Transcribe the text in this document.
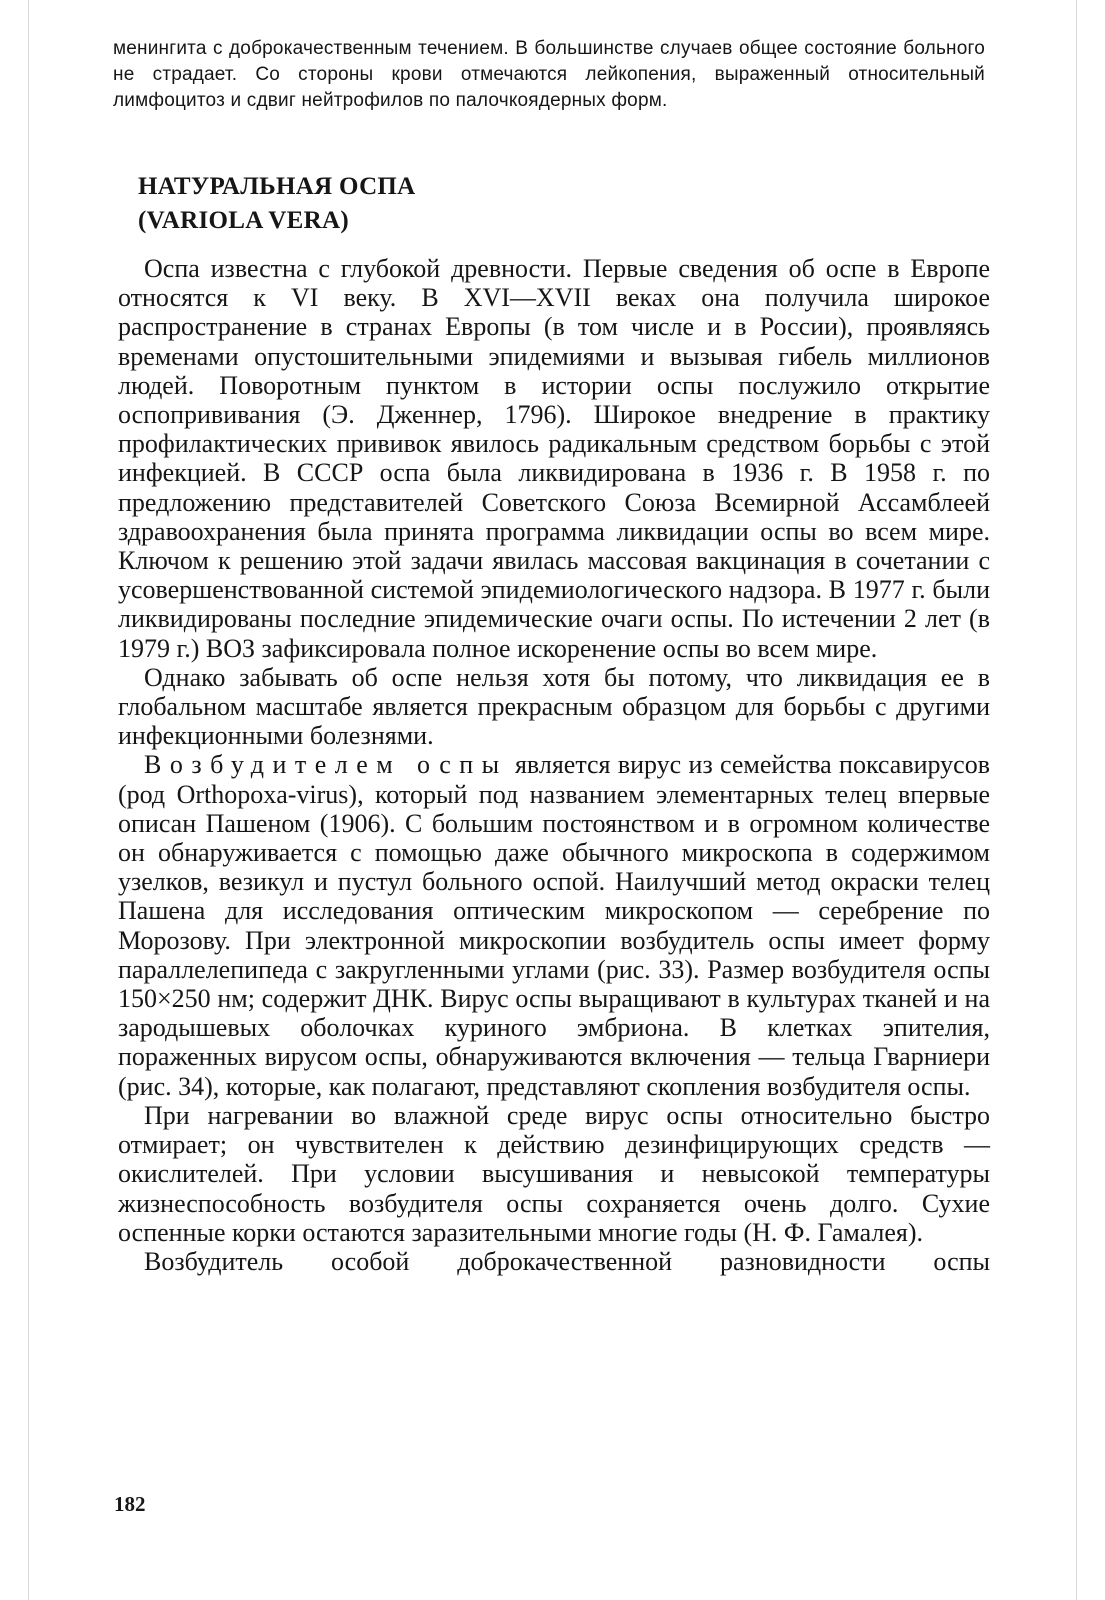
менингита с доброкачественным течением. В большинстве случаев общее состояние больного не страдает. Со стороны крови отмечаются лейкопения, выраженный относительный лимфоцитоз и сдвиг нейтрофилов по палочкоядерных форм.

НАТУРАЛЬНАЯ ОСПА
(VARIOLA VERA)

Оспа известна с глубокой древности. Первые сведения об оспе в Европе относятся к VI веку. В XVI—XVII веках она получила широкое распространение в странах Европы (в том числе и в России), проявляясь временами опустошительными эпидемиями и вызывая гибель миллионов людей. Поворотным пунктом в истории оспы послужило открытие оспопрививания (Э. Дженнер, 1796). Широкое внедрение в практику профилактических прививок явилось радикальным средством борьбы с этой инфекцией. В СССР оспа была ликвидирована в 1936 г. В 1958 г. по предложению представителей Советского Союза Всемирной Ассамблеей здравоохранения была принята программа ликвидации оспы во всем мире. Ключом к решению этой задачи явилась массовая вакцинация в сочетании с усовершенствованной системой эпидемиологического надзора. В 1977 г. были ликвидированы последние эпидемические очаги оспы. По истечении 2 лет (в 1979 г.) ВОЗ зафиксировала полное искоренение оспы во всем мире.

Однако забывать об оспе нельзя хотя бы потому, что ликвидация ее в глобальном масштабе является прекрасным образцом для борьбы с другими инфекционными болезнями.

Возбудителем оспы является вирус из семейства поксавирусов (род Orthopoxa-virus), который под названием элементарных телец впервые описан Пашеном (1906). С большим постоянством и в огромном количестве он обнаруживается с помощью даже обычного микроскопа в содержимом узелков, везикул и пустул больного оспой. Наилучший метод окраски телец Пашена для исследования оптическим микроскопом — серебрение по Морозову. При электронной микроскопии возбудитель оспы имеет форму параллелепипеда с закругленными углами (рис. 33). Размер возбудителя оспы 150×250 нм; содержит ДНК. Вирус оспы выращивают в культурах тканей и на зародышевых оболочках куриного эмбриона. В клетках эпителия, пораженных вирусом оспы, обнаруживаются включения — тельца Гварниери (рис. 34), которые, как полагают, представляют скопления возбудителя оспы.

При нагревании во влажной среде вирус оспы относительно быстро отмирает; он чувствителен к действию дезинфицирующих средств — окислителей. При условии высушивания и невысокой температуры жизнеспособность возбудителя оспы сохраняется очень долго. Сухие оспенные корки остаются заразительными многие годы (Н. Ф. Гамалея).

Возбудитель особой доброкачественной разновидности оспы

182
